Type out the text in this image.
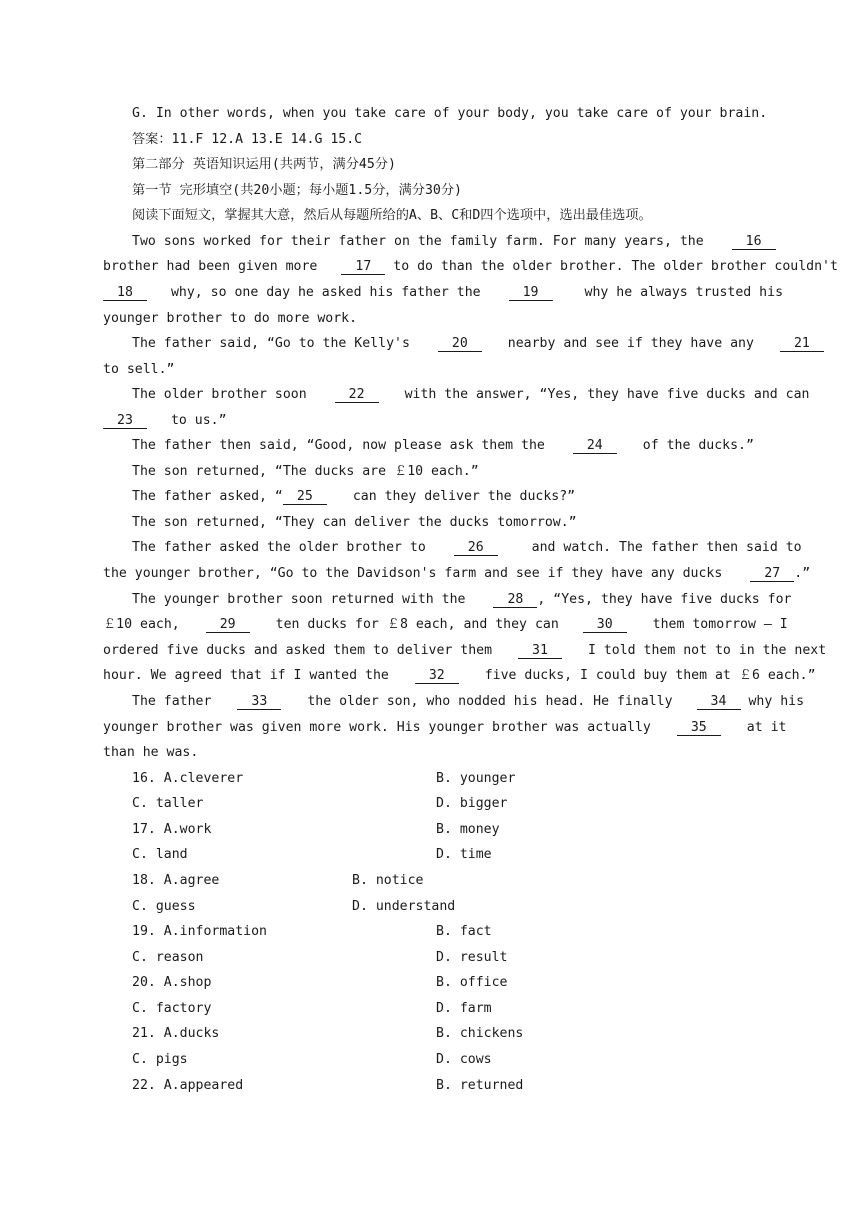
G. In other words, when you take care of your body, you take care of your brain.
答案：11.F 12.A 13.E 14.G 15.C
第二部分 英语知识运用(共两节，满分45分)
第一节 完形填空(共20小题；每小题1.5分，满分30分)
阅读下面短文，掌握其大意，然后从每题所给的A、B、C和D四个选项中，选出最佳选项。
Two sons worked for their father on the family farm. For many years, the	16
brother had been given more	17 to do than the older brother. The older brother couldn't
18	why, so one day he asked his father the	19	why he always trusted his
younger brother to do more work.
The father said, “Go to the Kelly's	20	nearby and see if they have any	21
to sell.”
The older brother soon	22	with the answer, “Yes, they have five ducks and can
23	to us.”
The father then said, “Good, now please ask them the	24	of the ducks.”
The son returned, “The ducks are ￡10 each.”
The father asked, “ 25	can they deliver the ducks?”
The son returned, “They can deliver the ducks tomorrow.”
The father asked the older brother to	26	and watch. The father then said to
the younger brother, “Go to the Davidson's farm and see if they have any ducks	27 .”
The younger brother soon returned with the	28 , “Yes, they have five ducks for
￡10 each,	29	ten ducks for ￡8 each, and they can	30	them tomorrow — I
ordered five ducks and asked them to deliver them	31	I told them not to in the next
hour. We agreed that if I wanted the	32	five ducks, I could buy them at ￡6 each.”
The father	33	the older son, who nodded his head. He finally	34 why his
younger brother was given more work. His younger brother was actually	35	at it
than he was.
16. A.cleverer	B. younger
C. taller	D. bigger
17. A.work	B. money
C. land	D. time
18. A.agree	B. notice
C. guess	D. understand
19. A.information	B. fact
C. reason	D. result
20. A.shop	B. office
C. factory	D. farm
21. A.ducks	B. chickens
C. pigs	D. cows
22. A.appeared	B. returned
